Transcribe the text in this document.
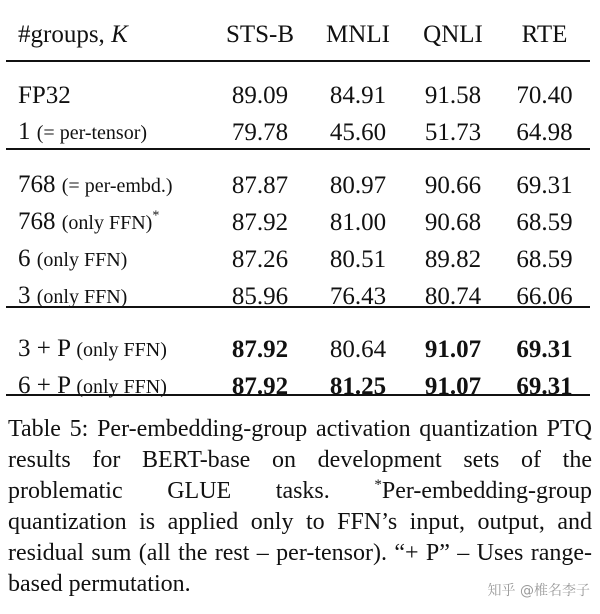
#groups, K	STS-B	MNLI	QNLI	RTE
FP32	89.09	84.91	91.58	70.40
1 (= per-tensor)	79.78	45.60	51.73	64.98
768 (= per-embd.)	87.87	80.97	90.66	69.31
768 (only FFN)*	87.92	81.00	90.68	68.59
6 (only FFN)	87.26	80.51	89.82	68.59
3 (only FFN)	85.96	76.43	80.74	66.06
3 + P (only FFN)	87.92	80.64	91.07	69.31
6 + P (only FFN)	87.92	81.25	91.07	69.31
Table 5: Per-embedding-group activation quantization PTQ results for BERT-base on development sets of the problematic GLUE tasks. *Per-embedding-group quantization is applied only to FFN’s input, output, and residual sum (all the rest – per-tensor). “+ P” – Uses range-based permutation.	知乎 @椎名李子
